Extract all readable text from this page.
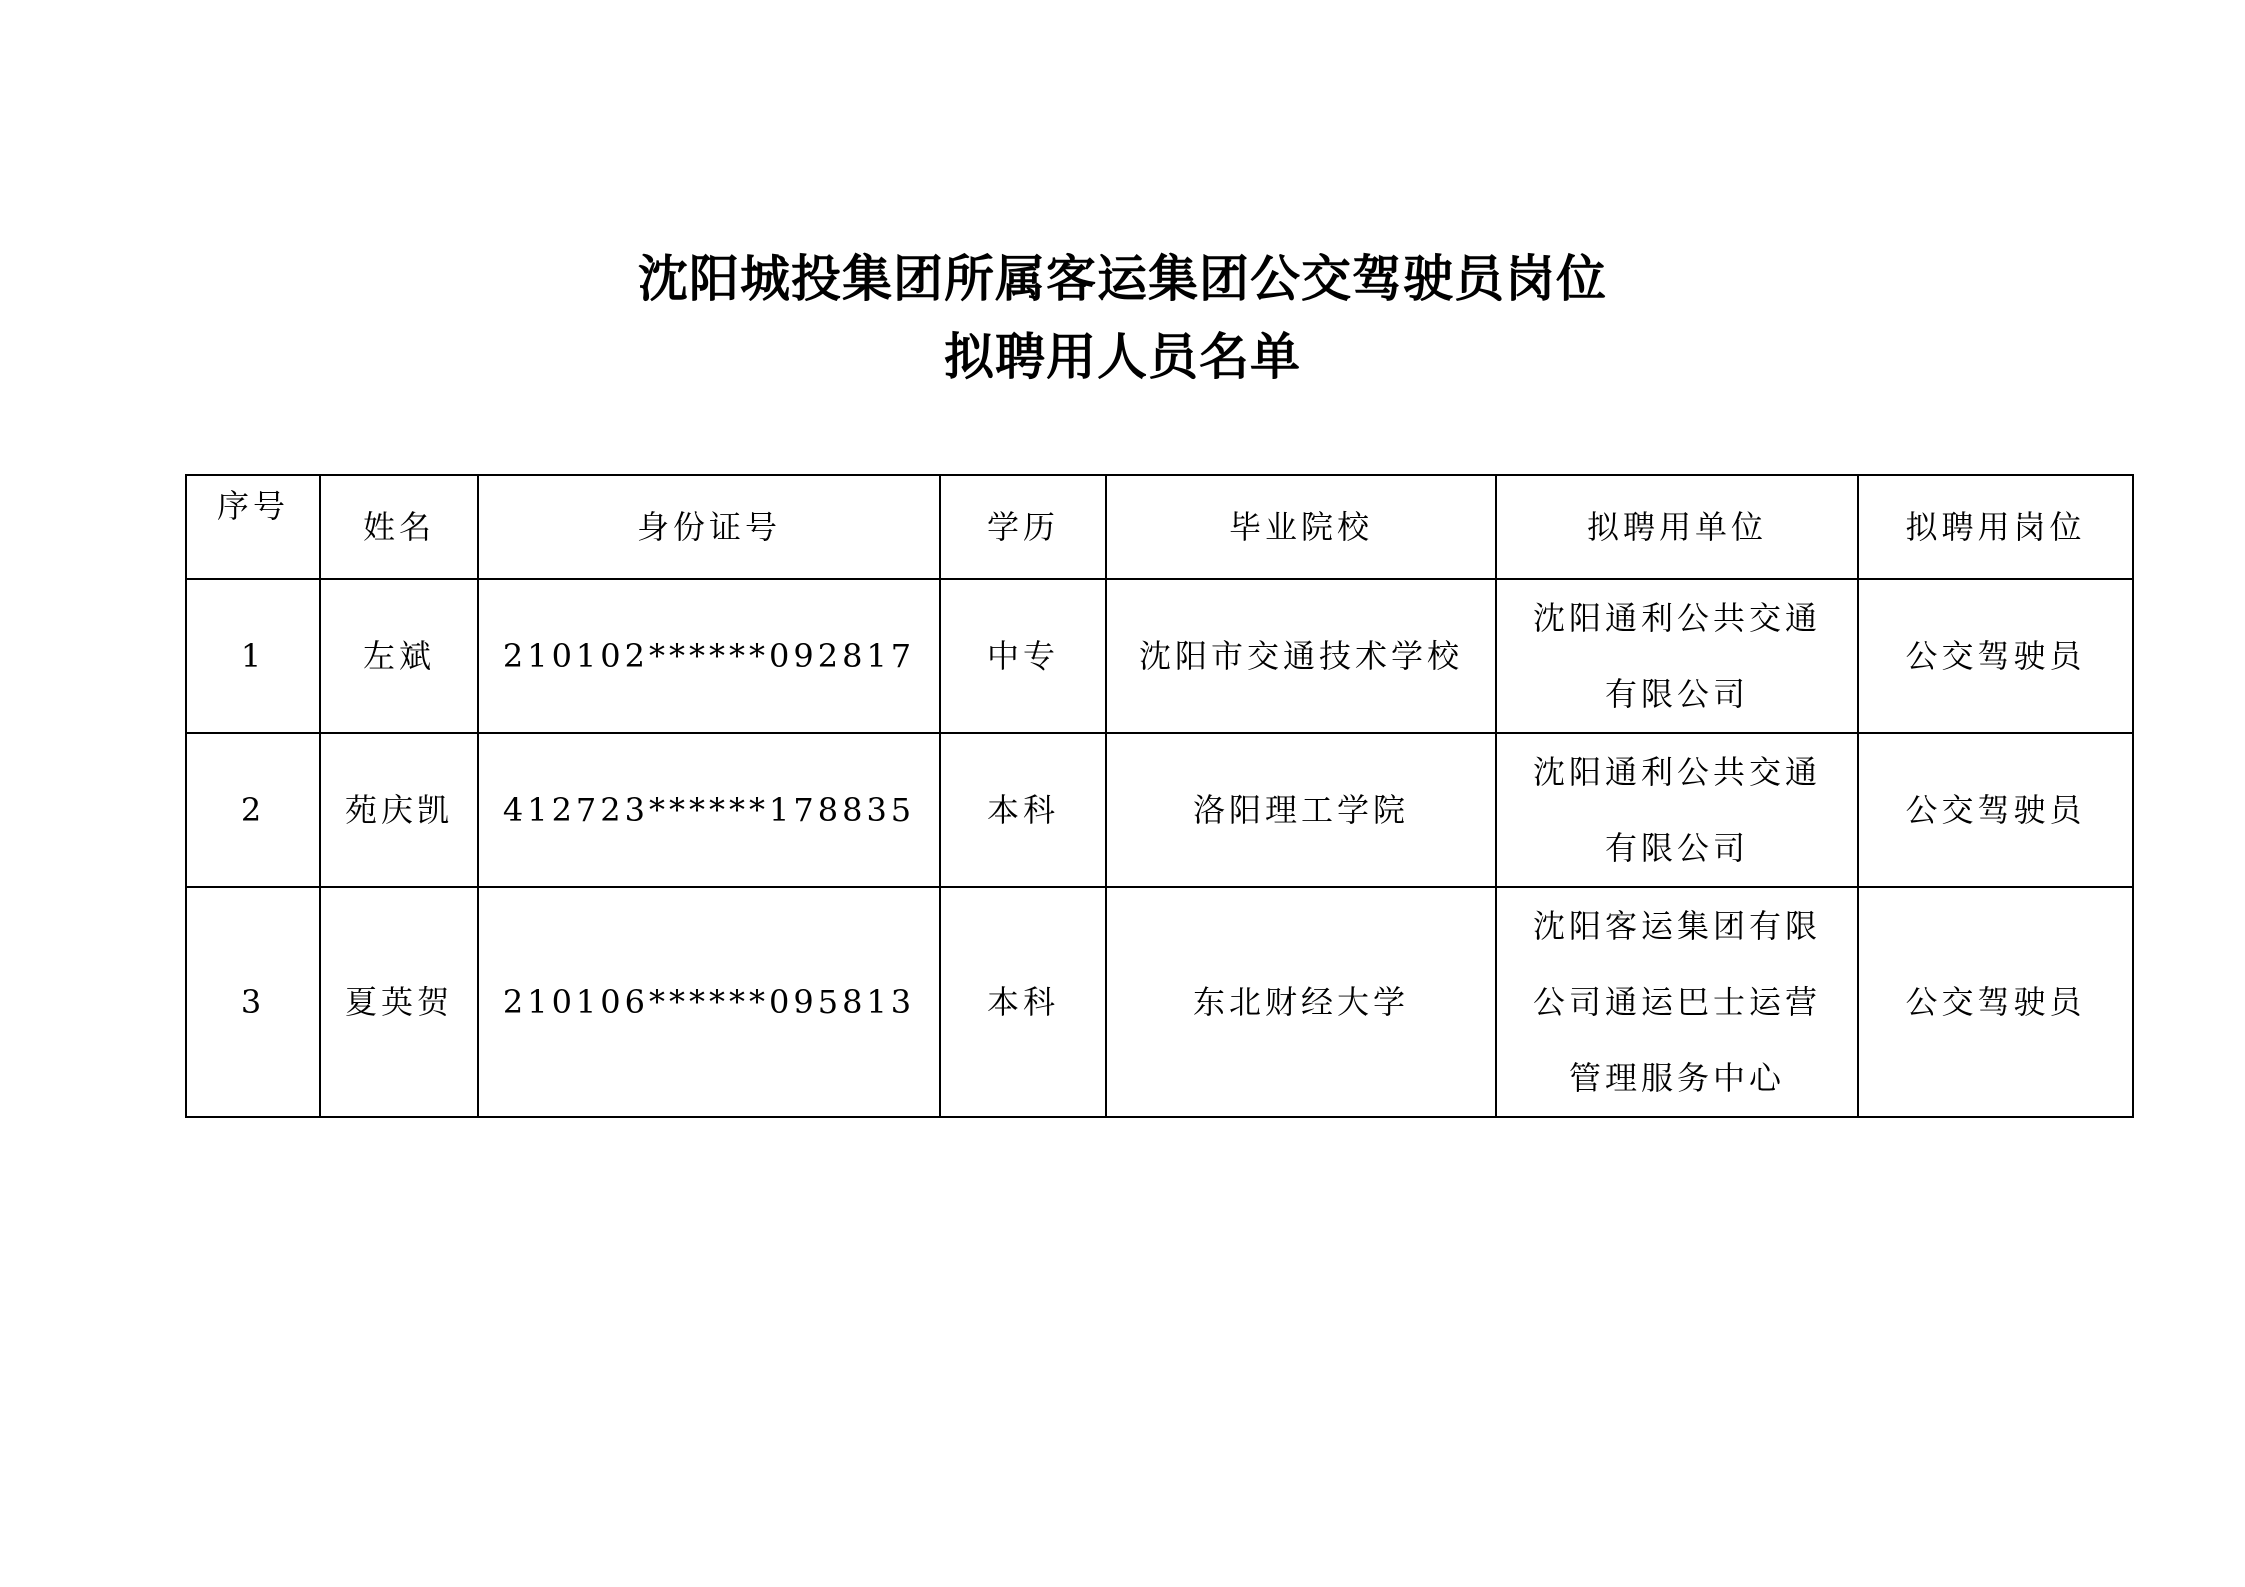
沈阳城投集团所属客运集团公交驾驶员岗位
拟聘用人员名单
序号	姓名	身份证号	学历	毕业院校	拟聘用单位	拟聘用岗位
1	左斌	210102******092817	中专	沈阳市交通技术学校	沈阳通利公共交通
有限公司	公交驾驶员
2	苑庆凯	412723******178835	本科	洛阳理工学院	沈阳通利公共交通
有限公司	公交驾驶员
3	夏英贺	210106******095813	本科	东北财经大学	沈阳客运集团有限
公司通运巴士运营
管理服务中心	公交驾驶员
